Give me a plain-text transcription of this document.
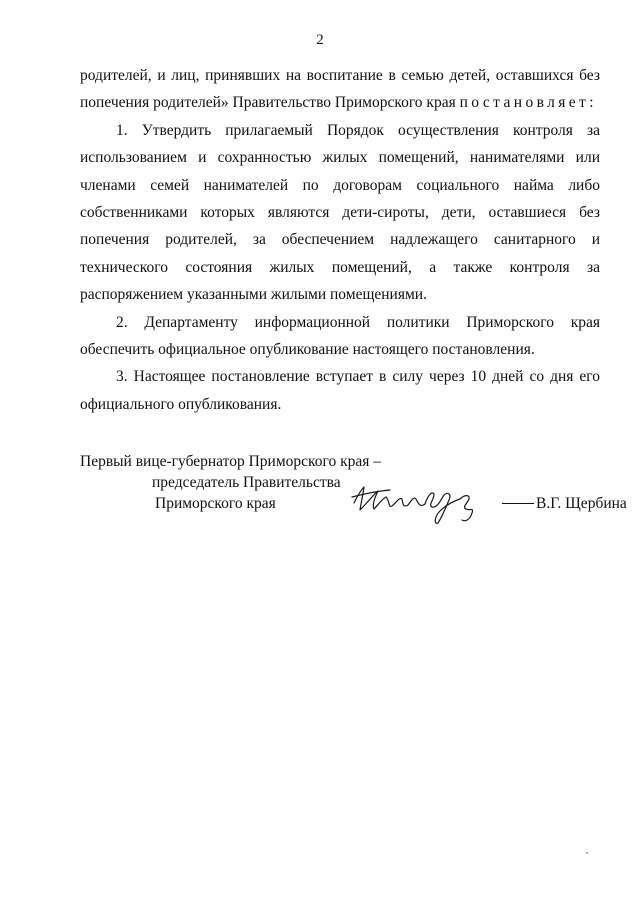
2

родителей, и лиц, принявших на воспитание в семью детей, оставшихся без попечения родителей» Правительство Приморского края постановляет:

1. Утвердить прилагаемый Порядок осуществления контроля за использованием и сохранностью жилых помещений, нанимателями или членами семей нанимателей по договорам социального найма либо собственниками которых являются дети-сироты, дети, оставшиеся без попечения родителей, за обеспечением надлежащего санитарного и технического состояния жилых помещений, а также контроля за распоряжением указанными жилыми помещениями.

2. Департаменту информационной политики Приморского края обеспечить официальное опубликование настоящего постановления.

3. Настоящее постановление вступает в силу через 10 дней со дня его официального опубликования.

Первый вице-губернатор Приморского края –
председатель Правительства
Приморского края	В.Г. Щербина
